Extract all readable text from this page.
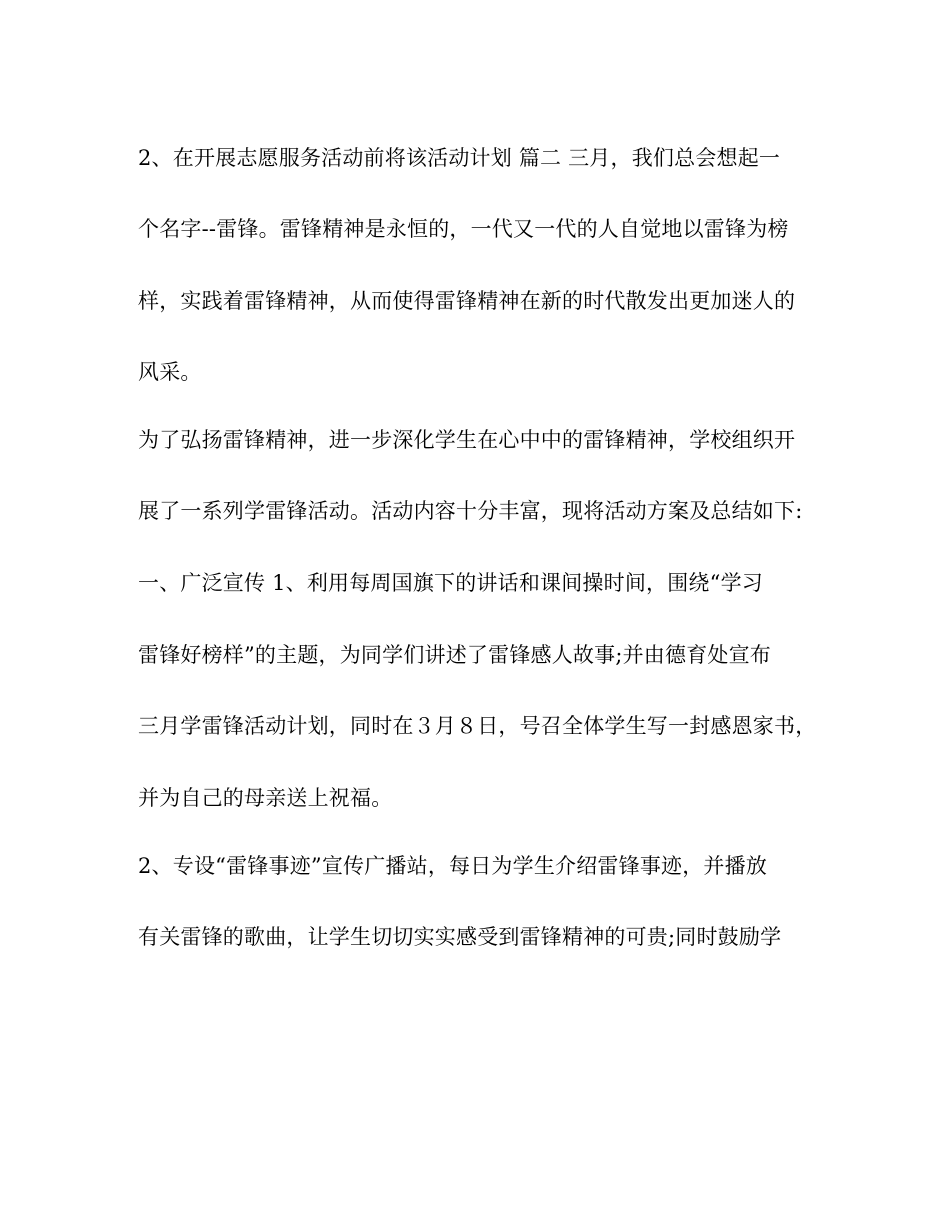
2、在开展志愿服务活动前将该活动计划 篇二 三月，我们总会想起一
个名字--雷锋。雷锋精神是永恒的，一代又一代的人自觉地以雷锋为榜
样，实践着雷锋精神，从而使得雷锋精神在新的时代散发出更加迷人的
风采。
为了弘扬雷锋精神，进一步深化学生在心中中的雷锋精神，学校组织开
展了一系列学雷锋活动。活动内容十分丰富，现将活动方案及总结如下:
一、广泛宣传 1、利用每周国旗下的讲话和课间操时间，围绕“学习
雷锋好榜样”的主题，为同学们讲述了雷锋感人故事;并由德育处宣布
三月学雷锋活动计划，同时在３月８日，号召全体学生写一封感恩家书，
并为自己的母亲送上祝福。
2、专设“雷锋事迹”宣传广播站，每日为学生介绍雷锋事迹，并播放
有关雷锋的歌曲，让学生切切实实感受到雷锋精神的可贵;同时鼓励学
